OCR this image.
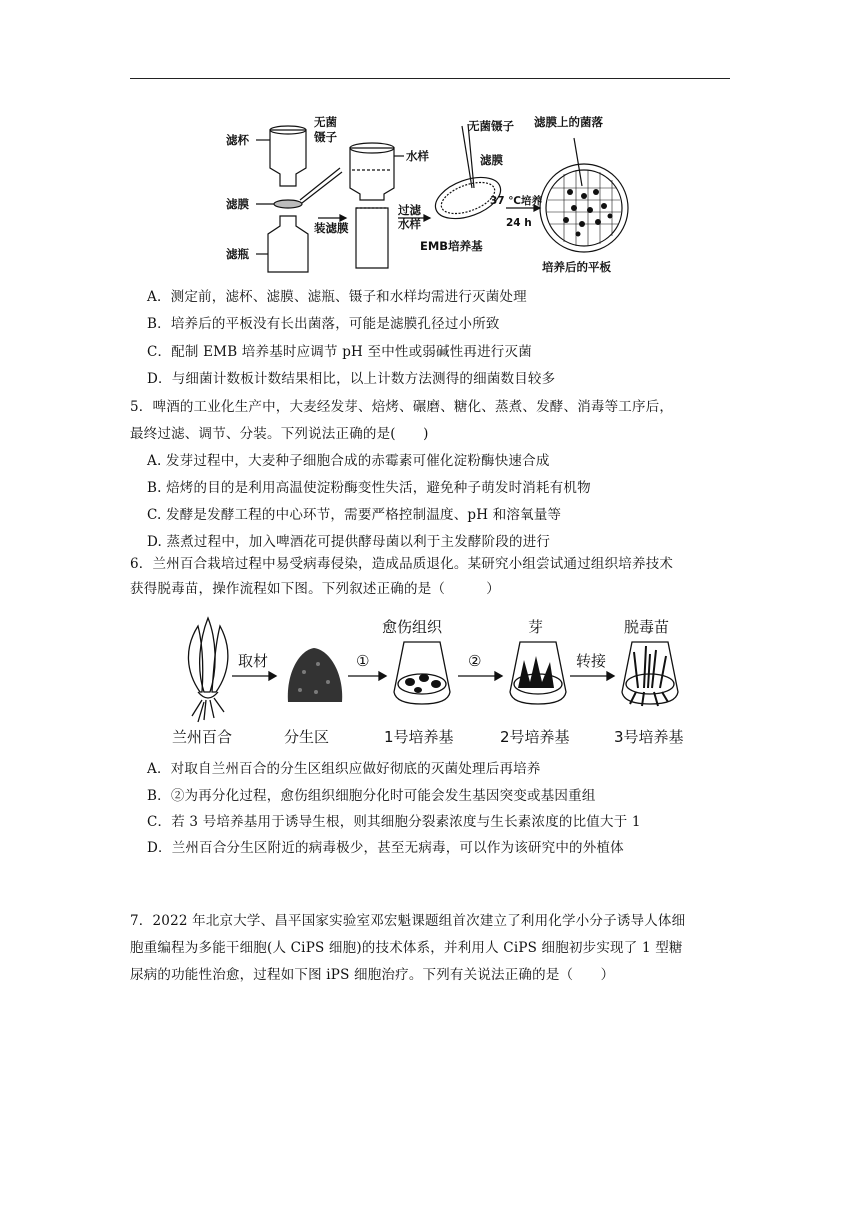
滤杯
滤膜
滤瓶
无菌
镊子
水样
装滤膜
过滤
水样
无菌镊子
滤膜
EMB培养基
37 ℃培养
24 h
滤膜上的菌落
培养后的平板
A．测定前，滤杯、滤膜、滤瓶、镊子和水样均需进行灭菌处理
B．培养后的平板没有长出菌落，可能是滤膜孔径过小所致
C．配制 EMB 培养基时应调节 pH 至中性或弱碱性再进行灭菌
D．与细菌计数板计数结果相比，以上计数方法测得的细菌数目较多
5．啤酒的工业化生产中，大麦经发芽、焙烤、碾磨、糖化、蒸煮、发酵、消毒等工序后，
最终过滤、调节、分装。下列说法正确的是(　　)
A. 发芽过程中，大麦种子细胞合成的赤霉素可催化淀粉酶快速合成
B. 焙烤的目的是利用高温使淀粉酶变性失活，避免种子萌发时消耗有机物
C. 发酵是发酵工程的中心环节，需要严格控制温度、pH 和溶氧量等
D. 蒸煮过程中，加入啤酒花可提供酵母菌以利于主发酵阶段的进行
6．兰州百合栽培过程中易受病毒侵染，造成品质退化。某研究小组尝试通过组织培养技术
获得脱毒苗，操作流程如下图。下列叙述正确的是（　　　）
愈伤组织	芽	脱毒苗
取材	①	②	转接
兰州百合	分生区	1号培养基	2号培养基	3号培养基
A．对取自兰州百合的分生区组织应做好彻底的灭菌处理后再培养
B．②为再分化过程，愈伤组织细胞分化时可能会发生基因突变或基因重组
C．若 3 号培养基用于诱导生根，则其细胞分裂素浓度与生长素浓度的比值大于 1
D．兰州百合分生区附近的病毒极少，甚至无病毒，可以作为该研究中的外植体
7．2022 年北京大学、昌平国家实验室邓宏魁课题组首次建立了利用化学小分子诱导人体细
胞重编程为多能干细胞(人 CiPS 细胞)的技术体系，并利用人 CiPS 细胞初步实现了 1 型糖
尿病的功能性治愈，过程如下图 iPS 细胞治疗。下列有关说法正确的是（　　）
